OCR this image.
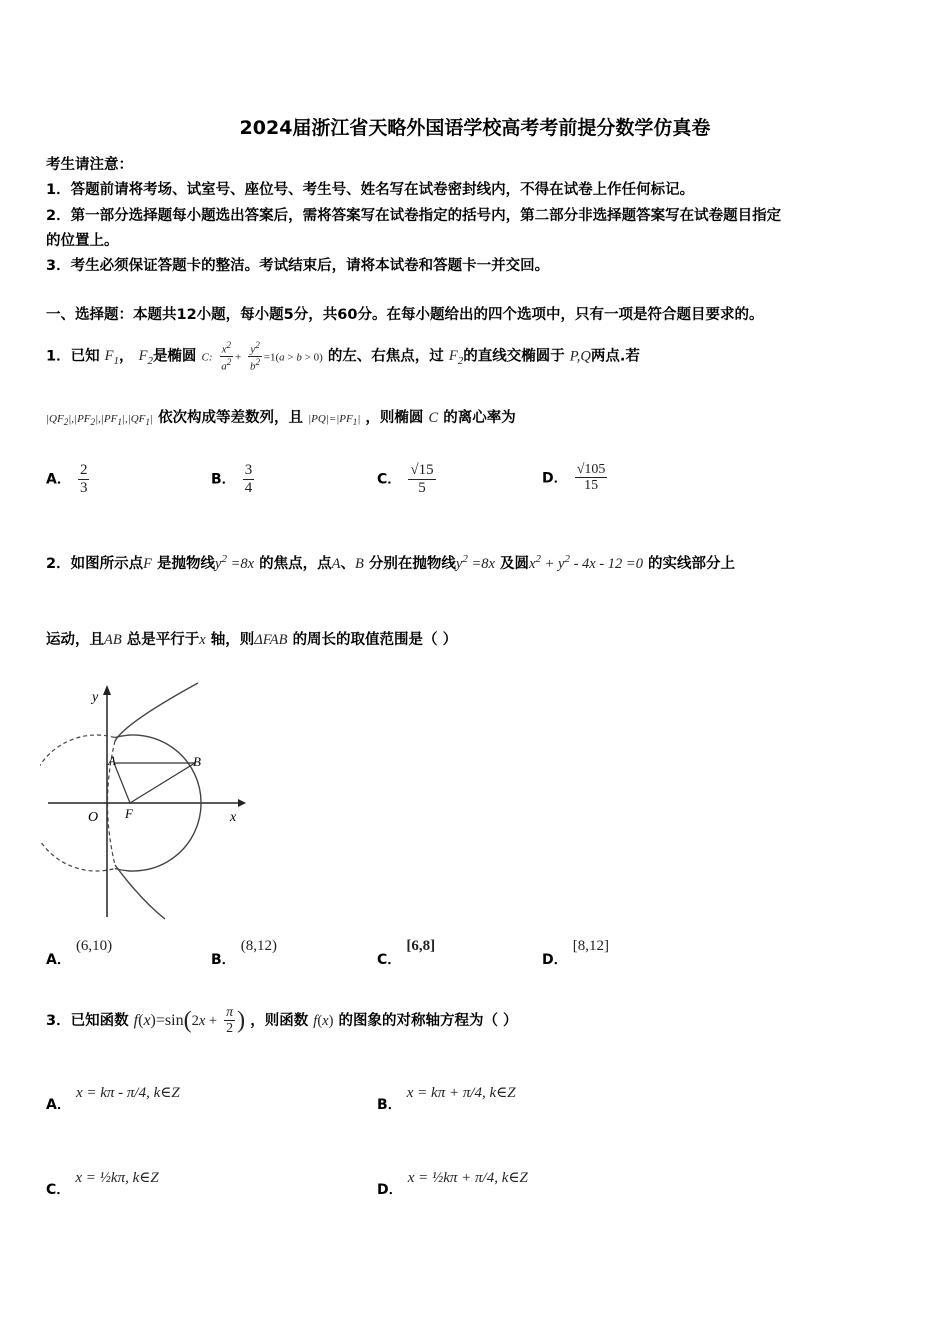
2024届浙江省天略外国语学校高考考前提分数学仿真卷
考生请注意：
1．答题前请将考场、试室号、座位号、考生号、姓名写在试卷密封线内，不得在试卷上作任何标记。
2．第一部分选择题每小题选出答案后，需将答案写在试卷指定的括号内，第二部分非选择题答案写在试卷题目指定
的位置上。
3．考生必须保证答题卡的整洁。考试结束后，请将本试卷和答题卡一并交回。
一、选择题：本题共12小题，每小题5分，共60分。在每小题给出的四个选项中，只有一项是符合题目要求的。
1．已知 $F_1$， $F_2$是椭圆 C: $\frac{x^2}{a^2} + \frac{y^2}{b^2} =1(a > b > 0)$ 的左、右焦点，过 $F_2$的直线交椭圆于 P,Q两点.若
$|QF_2|,|PF_2|,|PF_1|,|QF_1|$ 依次构成等差数列，且 $|PQ|=|PF_1|$ ，则椭圆 C 的离心率为
A． $\frac{2}{3}$	B． $\frac{3}{4}$	C． $\frac{√15}{5}$	D． $\frac{√105}{15}$
2．如图所示点F 是抛物线$y^2 =8x$ 的焦点，点A、B 分别在抛物线$y^2 =8x$ 及圆$x^2 + y^2 - 4x - 12 =0$ 的实线部分上
运动，且AB 总是平行于x 轴，则ΔFAB 的周长的取值范围是（ ）
y
A	B
O F	x
A． (6,10)
B． (8,12)
C． [6,8]
D． [8,12]
3．已知函数 $f(x)=\sin(2x + \frac{\pi}{2}$ ) ，则函数 f(x) 的图象的对称轴方程为（ ）
A． x = kπ - π/4, k∈Z
B． x = kπ + π/4, k∈Z
C． x = ½kπ, k∈Z
D． x = ½kπ + π/4, k∈Z
